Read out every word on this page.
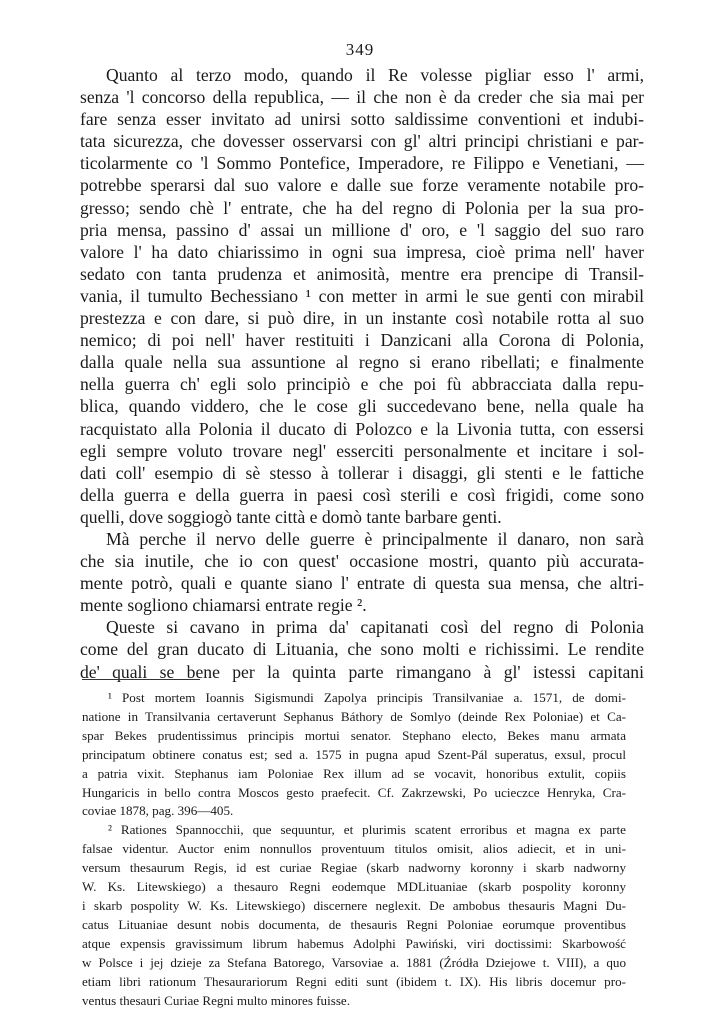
349
Quanto al terzo modo, quando il Re volesse pigliar esso l' armi,
senza 'l concorso della republica, — il che non è da creder che sia mai per
fare senza esser invitato ad unirsi sotto saldissime conventioni et indubi-
tata sicurezza, che dovesser osservarsi con gl' altri principi christiani e par-
ticolarmente co 'l Sommo Pontefice, Imperadore, re Filippo e Venetiani, —
potrebbe sperarsi dal suo valore e dalle sue forze veramente notabile pro-
gresso; sendo chè l' entrate, che ha del regno di Polonia per la sua pro-
pria mensa, passino d' assai un millione d' oro, e 'l saggio del suo raro
valore l' ha dato chiarissimo in ogni sua impresa, cioè prima nell' haver
sedato con tanta prudenza et animosità, mentre era prencipe di Transil-
vania, il tumulto Bechessiano ¹ con metter in armi le sue genti con mirabil
prestezza e con dare, si può dire, in un instante così notabile rotta al suo
nemico; di poi nell' haver restituiti i Danzicani alla Corona di Polonia,
dalla quale nella sua assuntione al regno si erano ribellati; e finalmente
nella guerra ch' egli solo principiò e che poi fù abbracciata dalla repu-
blica, quando viddero, che le cose gli succedevano bene, nella quale ha
racquistato alla Polonia il ducato di Polozco e la Livonia tutta, con essersi
egli sempre voluto trovare negl' esserciti personalmente et incitare i sol-
dati coll' esempio di sè stesso à tollerar i disaggi, gli stenti e le fattiche
della guerra e della guerra in paesi così sterili e così frigidi, come sono
quelli, dove soggiogò tante città e domò tante barbare genti.
Mà perche il nervo delle guerre è principalmente il danaro, non sarà
che sia inutile, che io con quest' occasione mostri, quanto più accurata-
mente potrò, quali e quante siano l' entrate di questa sua mensa, che altri-
mente sogliono chiamarsi entrate regie ².
Queste si cavano in prima da' capitanati così del regno di Polonia
come del gran ducato di Lituania, che sono molti e richissimi. Le rendite
de' quali se bene per la quinta parte rimangano à gl' istessi capitani
¹ Post mortem Ioannis Sigismundi Zapolya principis Transilvaniae a. 1571, de domi-
natione in Transilvania certaverunt Sephanus Báthory de Somlyo (deinde Rex Poloniae) et Ca-
spar Bekes prudentissimus principis mortui senator. Stephano electo, Bekes manu armata
principatum obtinere conatus est; sed a. 1575 in pugna apud Szent-Pál superatus, exsul, procul
a patria vixit. Stephanus iam Poloniae Rex illum ad se vocavit, honoribus extulit, copiis
Hungaricis in bello contra Moscos gesto praefecit. Cf. Zakrzewski, Po ucieczce Henryka, Cra-
coviae 1878, pag. 396—405.
² Rationes Spannocchii, que sequuntur, et plurimis scatent erroribus et magna ex parte
falsae videntur. Auctor enim nonnullos proventuum titulos omisit, alios adiecit, et in uni-
versum thesaurum Regis, id est curiae Regiae (skarb nadworny koronny i skarb nadworny
W. Ks. Litewskiego) a thesauro Regni eodemque MDLituaniae (skarb pospolity koronny
i skarb pospolity W. Ks. Litewskiego) discernere neglexit. De ambobus thesauris Magni Du-
catus Lituaniae desunt nobis documenta, de thesauris Regni Poloniae eorumque proventibus
atque expensis gravissimum librum habemus Adolphi Pawiński, viri doctissimi: Skarbowość
w Polsce i jej dzieje za Stefana Batorego, Varsoviae a. 1881 (Źródła Dziejowe t. VIII), a quo
etiam libri rationum Thesaurariorum Regni editi sunt (ibidem t. IX). His libris docemur pro-
ventus thesauri Curiae Regni multo minores fuisse.
